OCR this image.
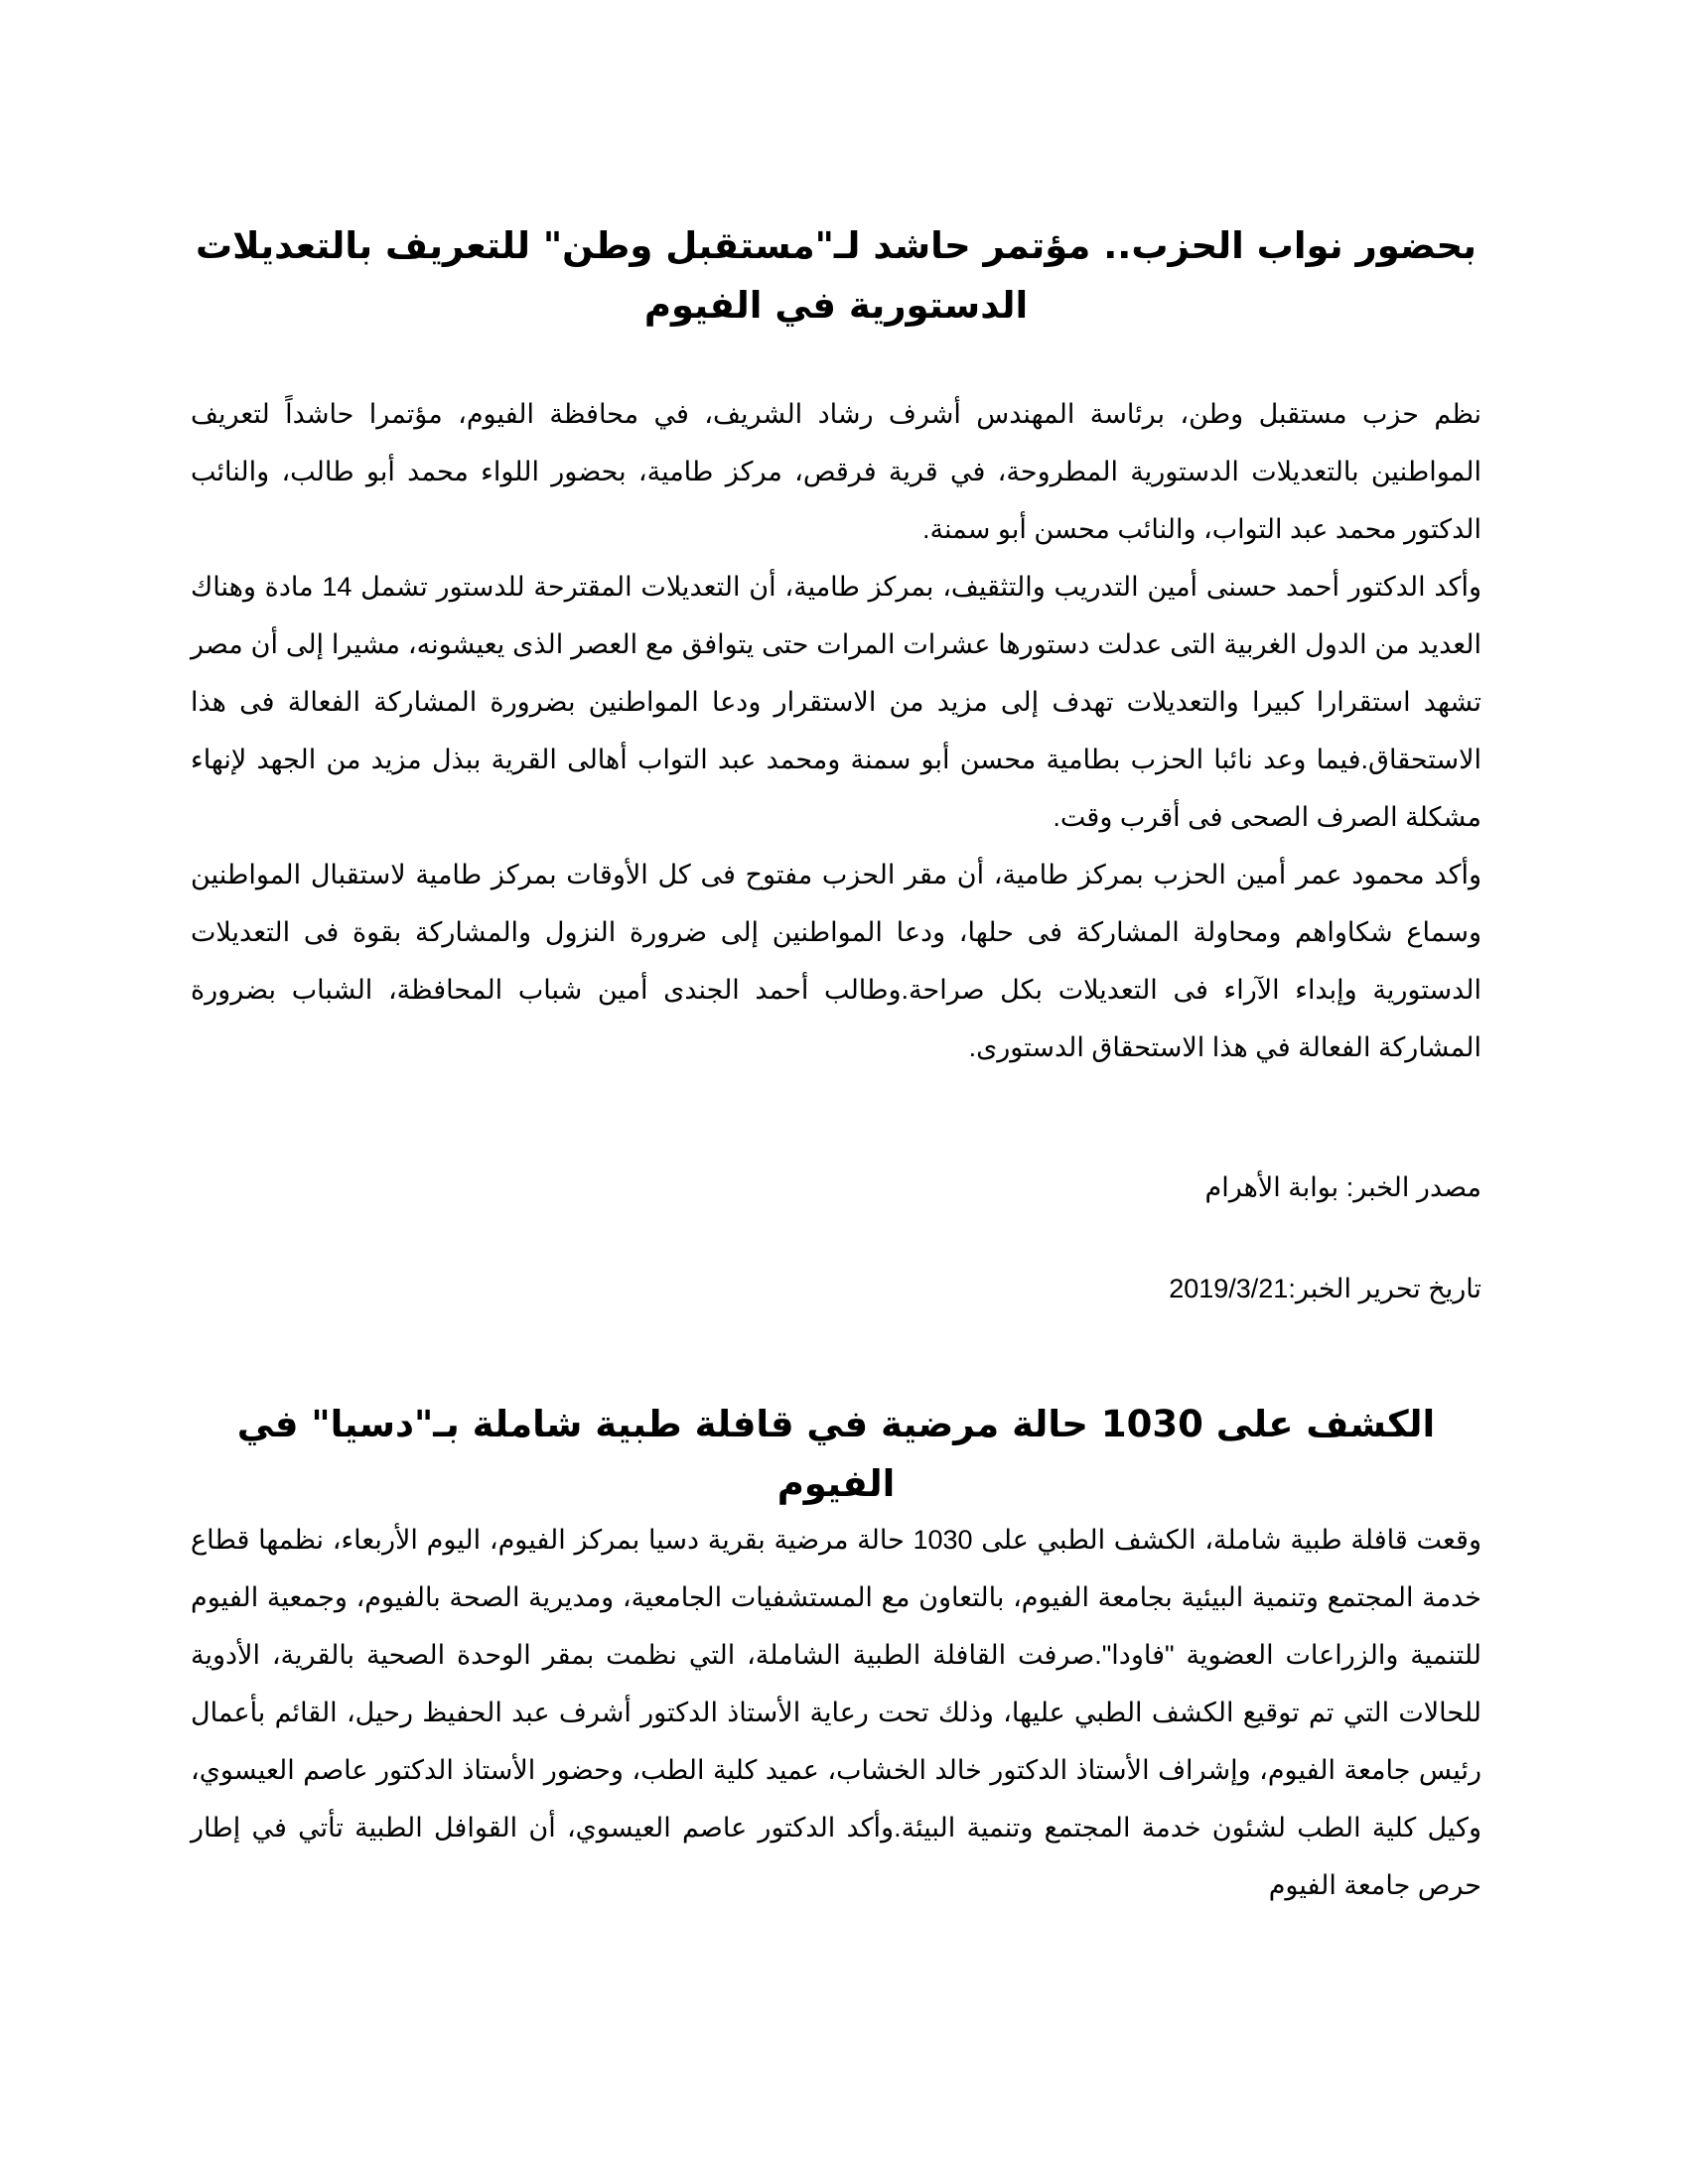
بحضور نواب الحزب.. مؤتمر حاشد لـ"مستقبل وطن" للتعريف بالتعديلات الدستورية في الفيوم

نظم حزب مستقبل وطن، برئاسة المهندس أشرف رشاد الشريف، في محافظة الفيوم، مؤتمرا حاشداً لتعريف المواطنين بالتعديلات الدستورية المطروحة، في قرية فرقص، مركز طامية، بحضور اللواء محمد أبو طالب، والنائب الدكتور محمد عبد التواب، والنائب محسن أبو سمنة.

وأكد الدكتور أحمد حسنى أمين التدريب والتثقيف، بمركز طامية، أن التعديلات المقترحة للدستور تشمل 14 مادة وهناك العديد من الدول الغربية التى عدلت دستورها عشرات المرات حتى يتوافق مع العصر الذى يعيشونه، مشيرا إلى أن مصر تشهد استقرارا كبيرا والتعديلات تهدف إلى مزيد من الاستقرار ودعا المواطنين بضرورة المشاركة الفعالة فى هذا الاستحقاق.فيما وعد نائبا الحزب بطامية محسن أبو سمنة ومحمد عبد التواب أهالى القرية ببذل مزيد من الجهد لإنهاء مشكلة الصرف الصحى فى أقرب وقت.

وأكد محمود عمر أمين الحزب بمركز طامية، أن مقر الحزب مفتوح فى كل الأوقات بمركز طامية لاستقبال المواطنين وسماع شكاواهم ومحاولة المشاركة فى حلها، ودعا المواطنين إلى ضرورة النزول والمشاركة بقوة فى التعديلات الدستورية وإبداء الآراء فى التعديلات بكل صراحة.وطالب أحمد الجندى أمين شباب المحافظة، الشباب بضرورة المشاركة الفعالة في هذا الاستحقاق الدستورى.

مصدر الخبر: بوابة الأهرام
تاريخ تحرير الخبر:2019/3/21
الكشف على 1030 حالة مرضية في قافلة طبية شاملة بـ"دسيا" في الفيوم

وقعت قافلة طبية شاملة، الكشف الطبي على 1030 حالة مرضية بقرية دسيا بمركز الفيوم، اليوم الأربعاء، نظمها قطاع خدمة المجتمع وتنمية البيئية بجامعة الفيوم، بالتعاون مع المستشفيات الجامعية، ومديرية الصحة بالفيوم، وجمعية الفيوم للتنمية والزراعات العضوية "فاودا".صرفت القافلة الطبية الشاملة، التي نظمت بمقر الوحدة الصحية بالقرية، الأدوية للحالات التي تم توقيع الكشف الطبي عليها، وذلك تحت رعاية الأستاذ الدكتور أشرف عبد الحفيظ رحيل، القائم بأعمال رئيس جامعة الفيوم، وإشراف الأستاذ الدكتور خالد الخشاب، عميد كلية الطب، وحضور الأستاذ الدكتور عاصم العيسوي، وكيل كلية الطب لشئون خدمة المجتمع وتنمية البيئة.وأكد الدكتور عاصم العيسوي، أن القوافل الطبية تأتي في إطار حرص جامعة الفيوم
